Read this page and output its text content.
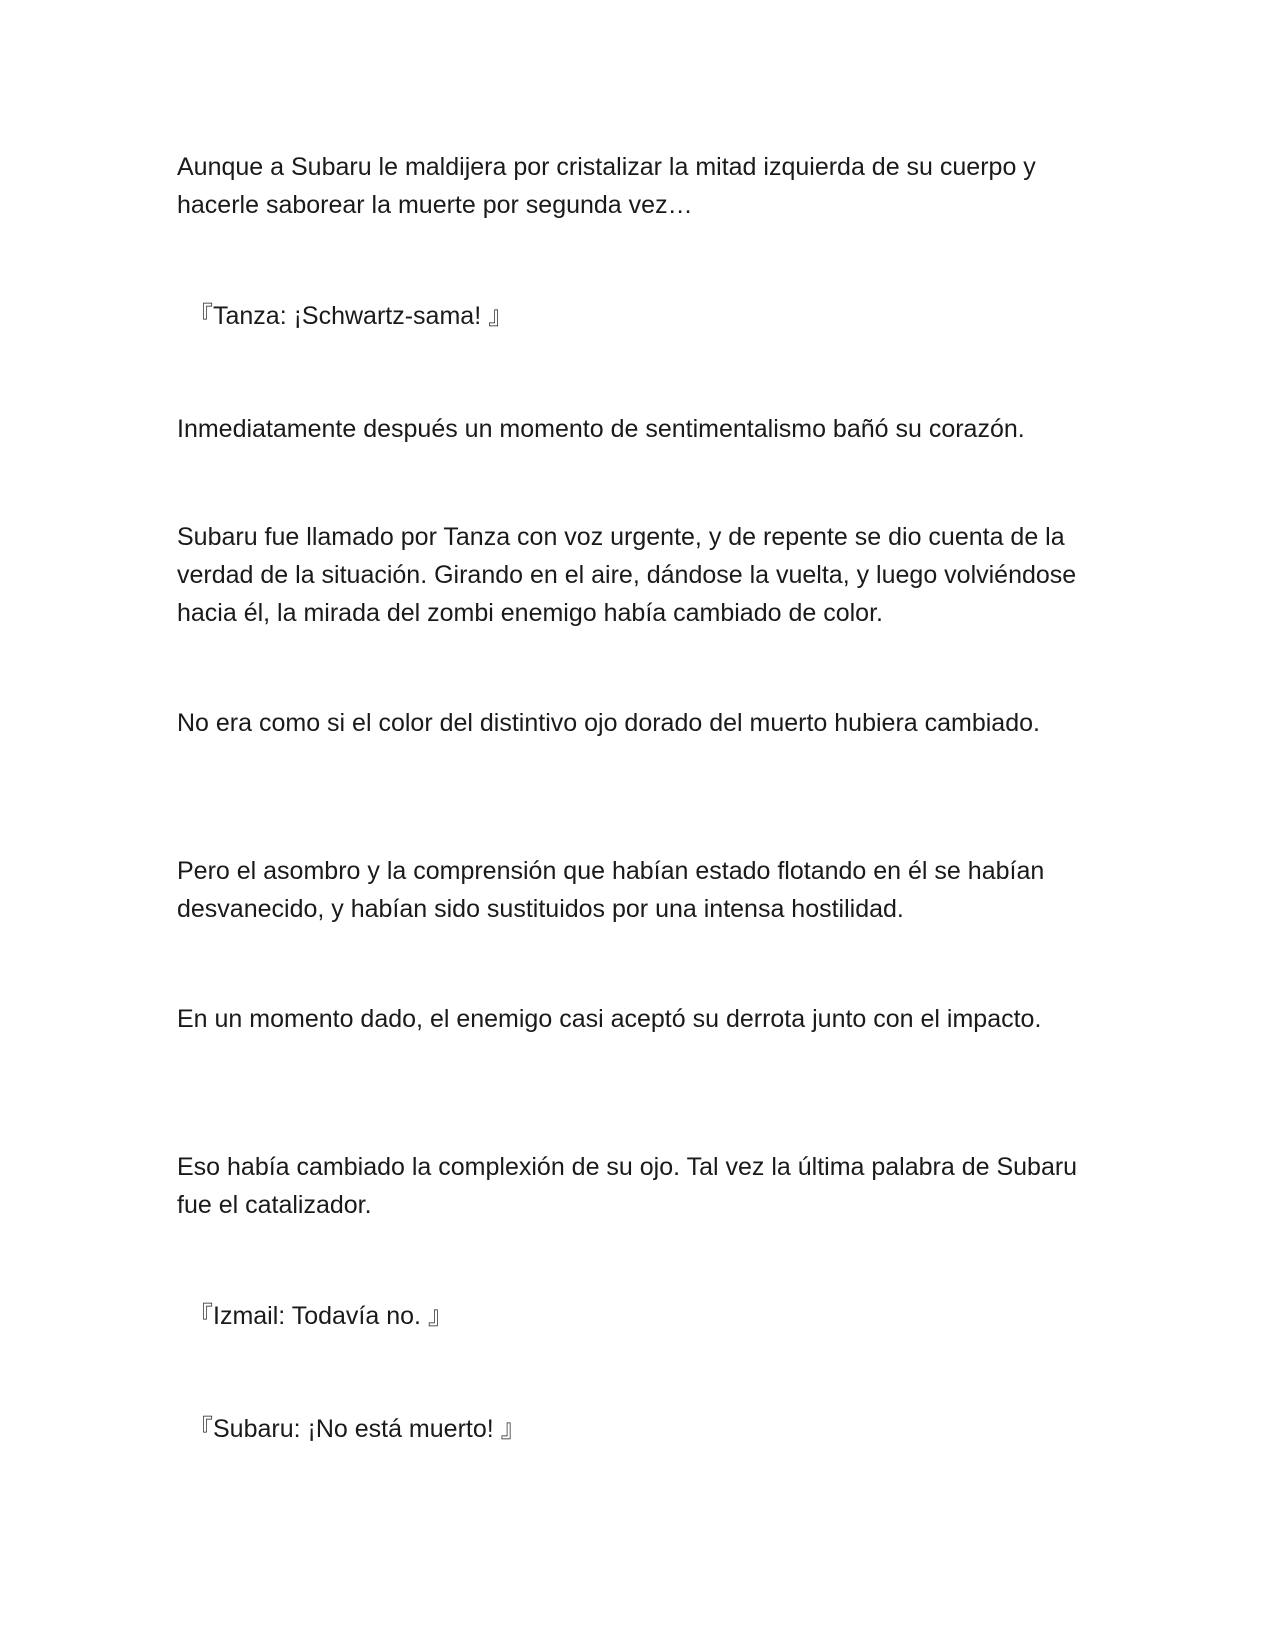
Aunque a Subaru le maldijera por cristalizar la mitad izquierda de su cuerpo y hacerle saborear la muerte por segunda vez…

『Tanza: ¡Schwartz-sama! 』

Inmediatamente después un momento de sentimentalismo bañó su corazón.

Subaru fue llamado por Tanza con voz urgente, y de repente se dio cuenta de la verdad de la situación. Girando en el aire, dándose la vuelta, y luego volviéndose hacia él, la mirada del zombi enemigo había cambiado de color.

No era como si el color del distintivo ojo dorado del muerto hubiera cambiado.

Pero el asombro y la comprensión que habían estado flotando en él se habían desvanecido, y habían sido sustituidos por una intensa hostilidad.

En un momento dado, el enemigo casi aceptó su derrota junto con el impacto.

Eso había cambiado la complexión de su ojo. Tal vez la última palabra de Subaru fue el catalizador.

『Izmail: Todavía no. 』

『Subaru: ¡No está muerto! 』
